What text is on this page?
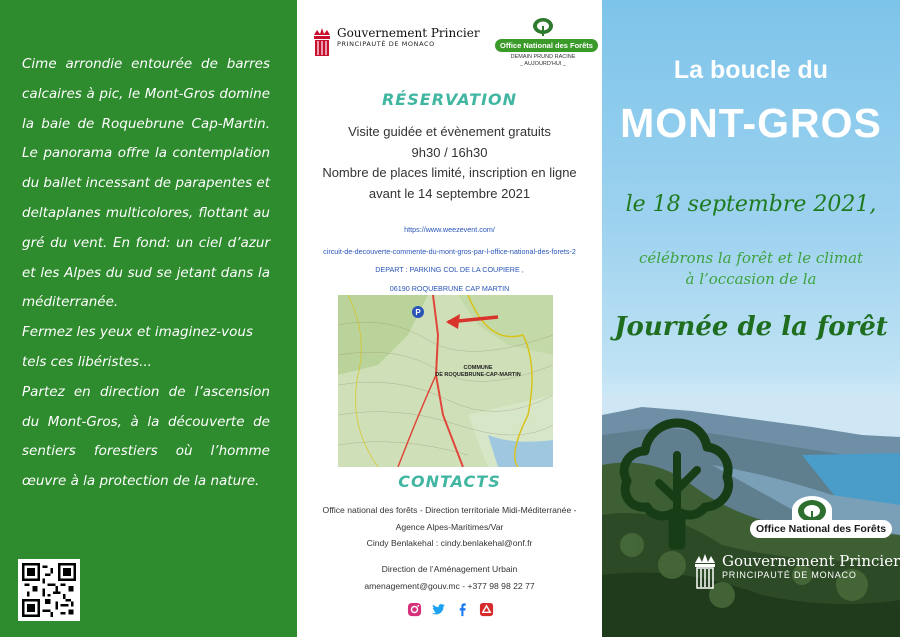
Cime arrondie entourée de barres calcaires à pic, le Mont-Gros domine la baie de Roquebrune Cap-Martin. Le panorama offre la contemplation du ballet incessant de parapentes et deltaplanes multicolores, flottant au gré du vent. En fond: un ciel d’azur et les Alpes du sud se jetant dans la méditerranée.

Fermez les yeux et imaginez-vous tels ces libéristes...

Partez en direction de l’ascension du Mont-Gros, à la découverte de sentiers forestiers où l’homme œuvre à la protection de la nature.

Gouvernement Princier
PRINCIPAUTÉ DE MONACO	Office National des Forêts
DEMAIN PRUND RACINE
_ AUJOURD'HUI _
RÉSERVATION
Visite guidée et évènement gratuits
9h30 / 16h30
Nombre de places limité, inscription en ligne avant le 14 septembre 2021
https://www.weezevent.com/
circuit-de-decouverte-commente-du-mont-gros-par-l-office-national-des-forets-2
DEPART : PARKING COL DE LA COUPIERE ,
06190 ROQUEBRUNE CAP MARTIN
P
COMMUNE
DE ROQUEBRUNE-CAP-MARTIN
CONTACTS
Office national des forêts - Direction territoriale Midi-Méditerranée - Agence Alpes-Maritimes/Var
Cindy Benlakehal : cindy.benlakehal@onf.fr
Direction de l’Aménagement Urbain
amenagement@gouv.mc - +377 98 98 22 77
La boucle du
MONT-GROS
le 18 septembre 2021,
célébrons la forêt et le climat
à l’occasion de la
Journée de la forêt
Office National des Forêts
Gouvernement Princier
PRINCIPAUTÉ DE MONACO
